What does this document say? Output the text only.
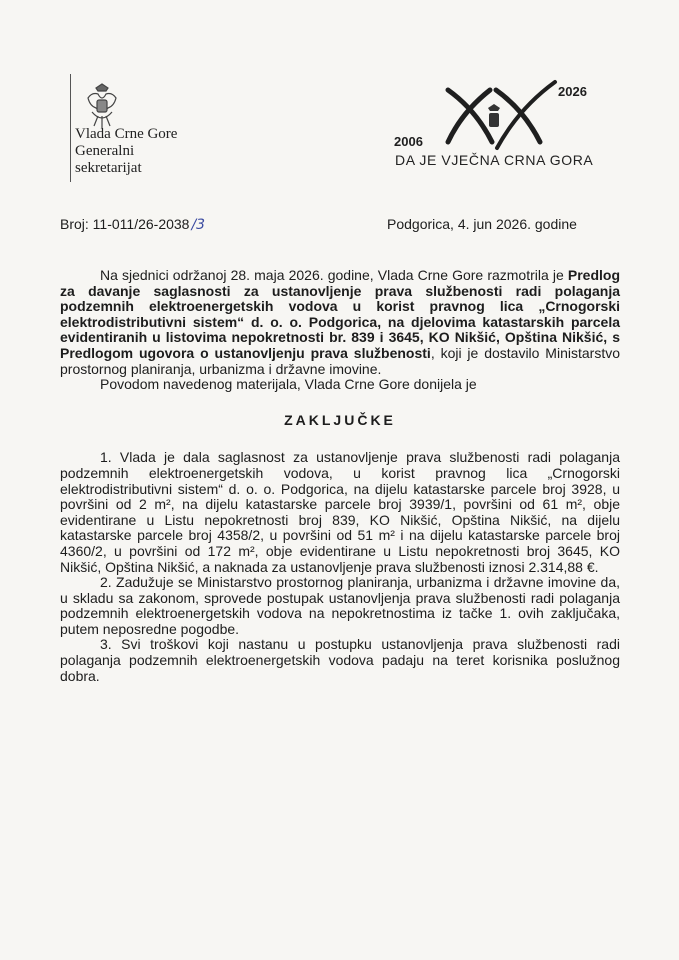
Vlada Crne Gore
Generalni
sekretarijat
2026
2006
DA JE VJEČNA CRNA GORA
Broj: 11-011/26-2038 /3	Podgorica, 4. jun 2026. godine

Na sjednici održanoj 28. maja 2026. godine, Vlada Crne Gore razmotrila je Predlog za davanje saglasnosti za ustanovljenje prava službenosti radi polaganja podzemnih elektroenergetskih vodova u korist pravnog lica „Crnogorski elektrodistributivni sistem“ d. o. o. Podgorica, na djelovima katastarskih parcela evidentiranih u listovima nepokretnosti br. 839 i 3645, KO Nikšić, Opština Nikšić, s Predlogom ugovora o ustanovljenju prava službenosti, koji je dostavilo Ministarstvo prostornog planiranja, urbanizma i državne imovine.

Povodom navedenog materijala, Vlada Crne Gore donijela je

ZAKLJUČKE

1. Vlada je dala saglasnost za ustanovljenje prava službenosti radi polaganja podzemnih elektroenergetskih vodova, u korist pravnog lica „Crnogorski elektrodistributivni sistem“ d. o. o. Podgorica, na dijelu katastarske parcele broj 3928, u površini od 2 m², na dijelu katastarske parcele broj 3939/1, površini od 61 m², obje evidentirane u Listu nepokretnosti broj 839, KO Nikšić, Opština Nikšić, na dijelu katastarske parcele broj 4358/2, u površini od 51 m² i na dijelu katastarske parcele broj 4360/2, u površini od 172 m², obje evidentirane u Listu nepokretnosti broj 3645, KO Nikšić, Opština Nikšić, a naknada za ustanovljenje prava službenosti iznosi 2.314,88 €.

2. Zadužuje se Ministarstvo prostornog planiranja, urbanizma i državne imovine da, u skladu sa zakonom, sprovede postupak ustanovljenja prava službenosti radi polaganja podzemnih elektroenergetskih vodova na nepokretnostima iz tačke 1. ovih zaključaka, putem neposredne pogodbe.

3. Svi troškovi koji nastanu u postupku ustanovljenja prava službenosti radi polaganja podzemnih elektroenergetskih vodova padaju na teret korisnika poslužnog dobra.
